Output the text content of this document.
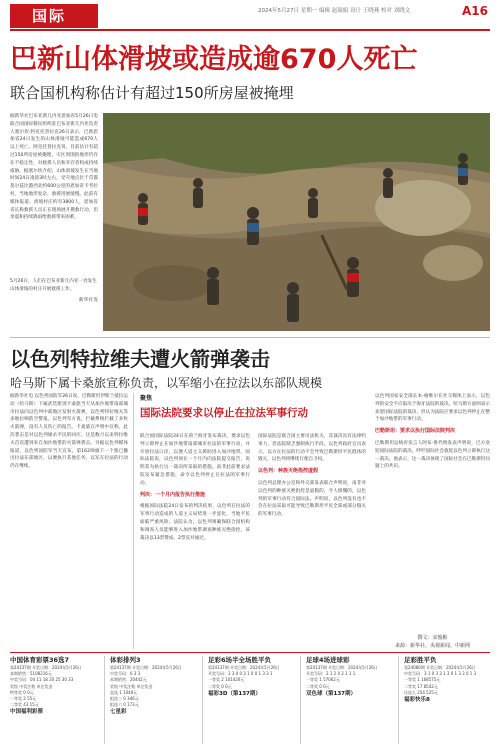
国际	2024年5月27日 星期一 编辑 赵瑞娟 设计 王晓燕 校对 刘晓文	A16
巴新山体滑坡或造成逾670人死亡
联合国机构称估计有超过150所房屋被掩埋
据新华社巴布亚新几内亚恩加省5月26日电 联合国国际移民组织驻巴布亚新几内亚负责人塞尔坎·阿克托普拉克26日表示，巴新恩加省24日发生的山体滑坡可能造成670人以上死亡。阿克托普拉克说，目前估计有超过150所房屋被掩埋，灾区周围的地形仍存在不稳定性，对救援人员和幸存者构成持续威胁。据塞尔坎介绍，山体滑坡发生在当地时间24日凌晨3时左右，受灾地点位于首都莫尔兹比港西北约600公里的恩加省卡考拉村，当地地形复杂，救援进展缓慢。此前有媒体报道，滑坡村庄约有3800人，恩加省省长称救援人员正在现场展开搜救行动，但余震和持续降雨给救援带来困难。
5月26日，人们在巴布亚新几内亚一处发生山体滑坡的村庄开展救援工作。
新华社发
以色列特拉维夫遭火箭弹袭击
哈马斯下属卡桑旅宣称负责，以军缩小在拉法以东部队规模
据新华社电 以色列国防军26日说，巴勒斯坦伊斯兰抵抗运动（哈马斯）下属武装派别卡桑旅当天从加沙地带南部城市拉法向以色列中部地区发射火箭弹，以色列特拉维夫等多地拉响防空警报。以色列军方说，拦截系统拦截了多枚火箭弹，没有人员伤亡的报告。卡桑旅在声明中宣称，此次袭击是对以色列屠杀平民的回应。这是数月以来特拉维夫首次遭到来自加沙地带的火箭弹袭击。另据以色列媒体报道，以色列国防军当天宣布，第162师旗下一个旅已撤出拉法东部地区，以便执行其他任务，以军在拉法的行动仍在继续。
聚焦
国际法院要求以停止在拉法军事行动
联合国国际法院24日在荷兰海牙发布裁决，要求以色列立即停止在加沙地带南部城市拉法的军事行动，并开放拉法口岸，以便人道主义援助进入加沙地带。国际法院说，以色列须在一个月内向法院提交报告，说明其为执行这一裁决所采取的措施。南非此前要求法院发布紧急措施，命令以色列停止在拉法的军事行动。
判决：一个月内报告执行措施
根据国际法院24日发布的判决结果，以色列在拉法的军事行动造成的人道主义局势进一步恶化，当地平民面临严重风险。法院认为，以色列须确保联合国机构和调查人员能够进入加沙地带调查种族灭绝指控。该裁决以13票赞成、2票反对通过。
国际法院是联合国主要司法机关，其裁决具有法律约束力，但法院缺乏强制执行手段。以色列政府官员表示，以方在拉法的行动不会导致巴勒斯坦平民群体的毁灭，以色列将继续行使自卫权。
以色列：种族灭绝指控虚假
以色列总理办公室和外交部发表联合声明说，南非对以色列的种族灭绝指控是虚假的、令人愤慨的，以色列的军事行动符合国际法。声明说，以色列没有也不会在拉法采取可能导致巴勒斯坦平民全部或部分毁灭的军事行动。
以色列国家安全部长本-格维尔在社交媒体上表示，以色列的安全不应取决于海牙法院的裁决。哈马斯方面则表示欢迎国际法院的裁决，但认为法院应要求以色列停止在整个加沙地带的军事行动。
巴勒斯坦：要求以执行国际法院判决
巴勒斯坦总统府发言人阿布·鲁代纳发表声明说，巴方欢迎国际法院的裁决，呼吁国际社会敦促以色列立即执行这一裁决。他表示，这一裁决体现了国际社会在巴勒斯坦问题上的共识。
撰文：宋俊彬
来源：新华社、央视新闻、中新网
中国体育彩票36选7
第24137期 开奖日期：2024年5月26日
本期销售：5108216元
中奖号码：04 11 18 20 25 30 33
奖级 中奖注数 单注奖金
特等奖 0 0元
一等奖 2 55元
二等奖 43 15元
中国福利彩票
体彩排列3
第24137期 开奖日期：2024年5月26日
中奖号码：6 3 3
本期销售：20442元
奖级 中奖注数 单注奖金
直选 1 1040元
组选三 0 346元
组选六 0 173元
七星彩
足彩6场半全场胜平负
第24137期 开奖日期：2024年5月26日
开奖号码：3 3 0 0 3 1 0 0 1 3 3 1
一等奖 2 101420元
二等奖 0 0元
福彩3D（第137期）
足球4场进球彩
第24137期 开奖日期：2024年5月26日
开奖号码：2 1 2 0 2 1 1 1
一等奖 1 57062元
二等奖 0 0元
双色球（第137期）
足彩胜平负
第24080期 开奖日期：2024年5月26日
中奖号码：3 1 0 3 3 1 3 0 1 3 3 0 1 3
一等奖 1 168575元
二等奖 17 8542元
任选九 254 525元
福彩快乐8
